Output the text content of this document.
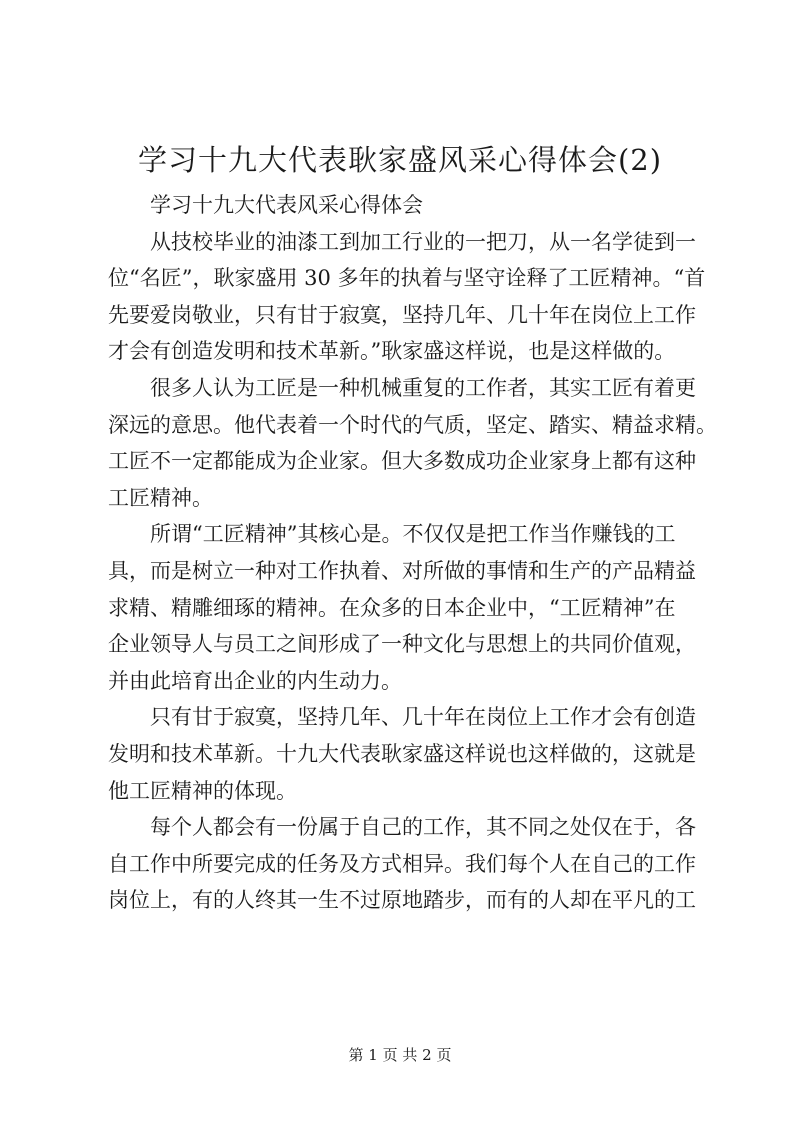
学习十九大代表耿家盛风采心得体会(2)
学习十九大代表风采心得体会
从技校毕业的油漆工到加工行业的一把刀，从一名学徒到一
位“名匠”，耿家盛用 30 多年的执着与坚守诠释了工匠精神。“首
先要爱岗敬业，只有甘于寂寞，坚持几年、几十年在岗位上工作
才会有创造发明和技术革新。”耿家盛这样说，也是这样做的。
很多人认为工匠是一种机械重复的工作者，其实工匠有着更
深远的意思。他代表着一个时代的气质，坚定、踏实、精益求精。
工匠不一定都能成为企业家。但大多数成功企业家身上都有这种
工匠精神。
所谓“工匠精神”其核心是。不仅仅是把工作当作赚钱的工
具，而是树立一种对工作执着、对所做的事情和生产的产品精益
求精、精雕细琢的精神。在众多的日本企业中，“工匠精神”在
企业领导人与员工之间形成了一种文化与思想上的共同价值观，
并由此培育出企业的内生动力。
只有甘于寂寞，坚持几年、几十年在岗位上工作才会有创造
发明和技术革新。十九大代表耿家盛这样说也这样做的，这就是
他工匠精神的体现。
每个人都会有一份属于自己的工作，其不同之处仅在于，各
自工作中所要完成的任务及方式相异。我们每个人在自己的工作
岗位上，有的人终其一生不过原地踏步，而有的人却在平凡的工
第 1 页 共 2 页
